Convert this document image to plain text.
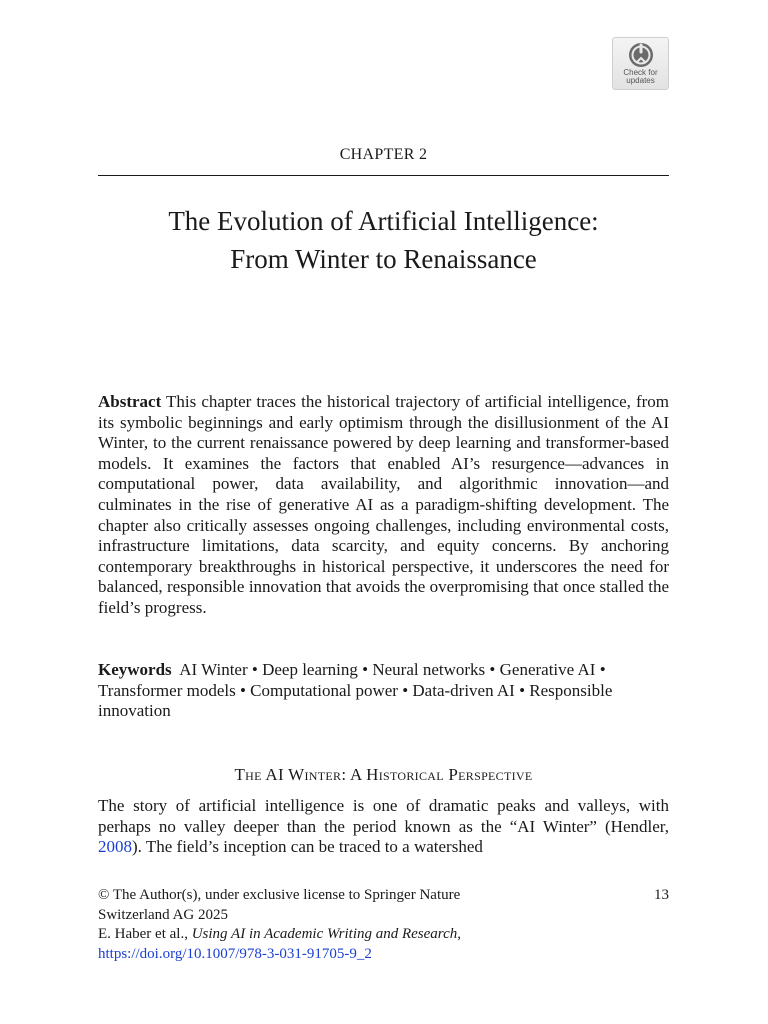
Check for
updates
CHAPTER 2
The Evolution of Artificial Intelligence:
From Winter to Renaissance
Abstract This chapter traces the historical trajectory of artificial intelligence, from its symbolic beginnings and early optimism through the disillusionment of the AI Winter, to the current renaissance powered by deep learning and transformer-based models. It examines the factors that enabled AI’s resurgence—advances in computational power, data availability, and algorithmic innovation—and culminates in the rise of generative AI as a paradigm-shifting development. The chapter also critically assesses ongoing challenges, including environmental costs, infrastructure limitations, data scarcity, and equity concerns. By anchoring contemporary breakthroughs in historical perspective, it underscores the need for balanced, responsible innovation that avoids the overpromising that once stalled the field’s progress.
Keywords AI Winter • Deep learning • Neural networks • Generative AI • Transformer models • Computational power • Data-driven AI • Responsible innovation
The AI Winter: A Historical Perspective
The story of artificial intelligence is one of dramatic peaks and valleys, with perhaps no valley deeper than the period known as the “AI Winter” (Hendler, 2008). The field’s inception can be traced to a watershed
© The Author(s), under exclusive license to Springer Nature
Switzerland AG 2025
E. Haber et al., Using AI in Academic Writing and Research,
https://doi.org/10.1007/978-3-031-91705-9_2
13
